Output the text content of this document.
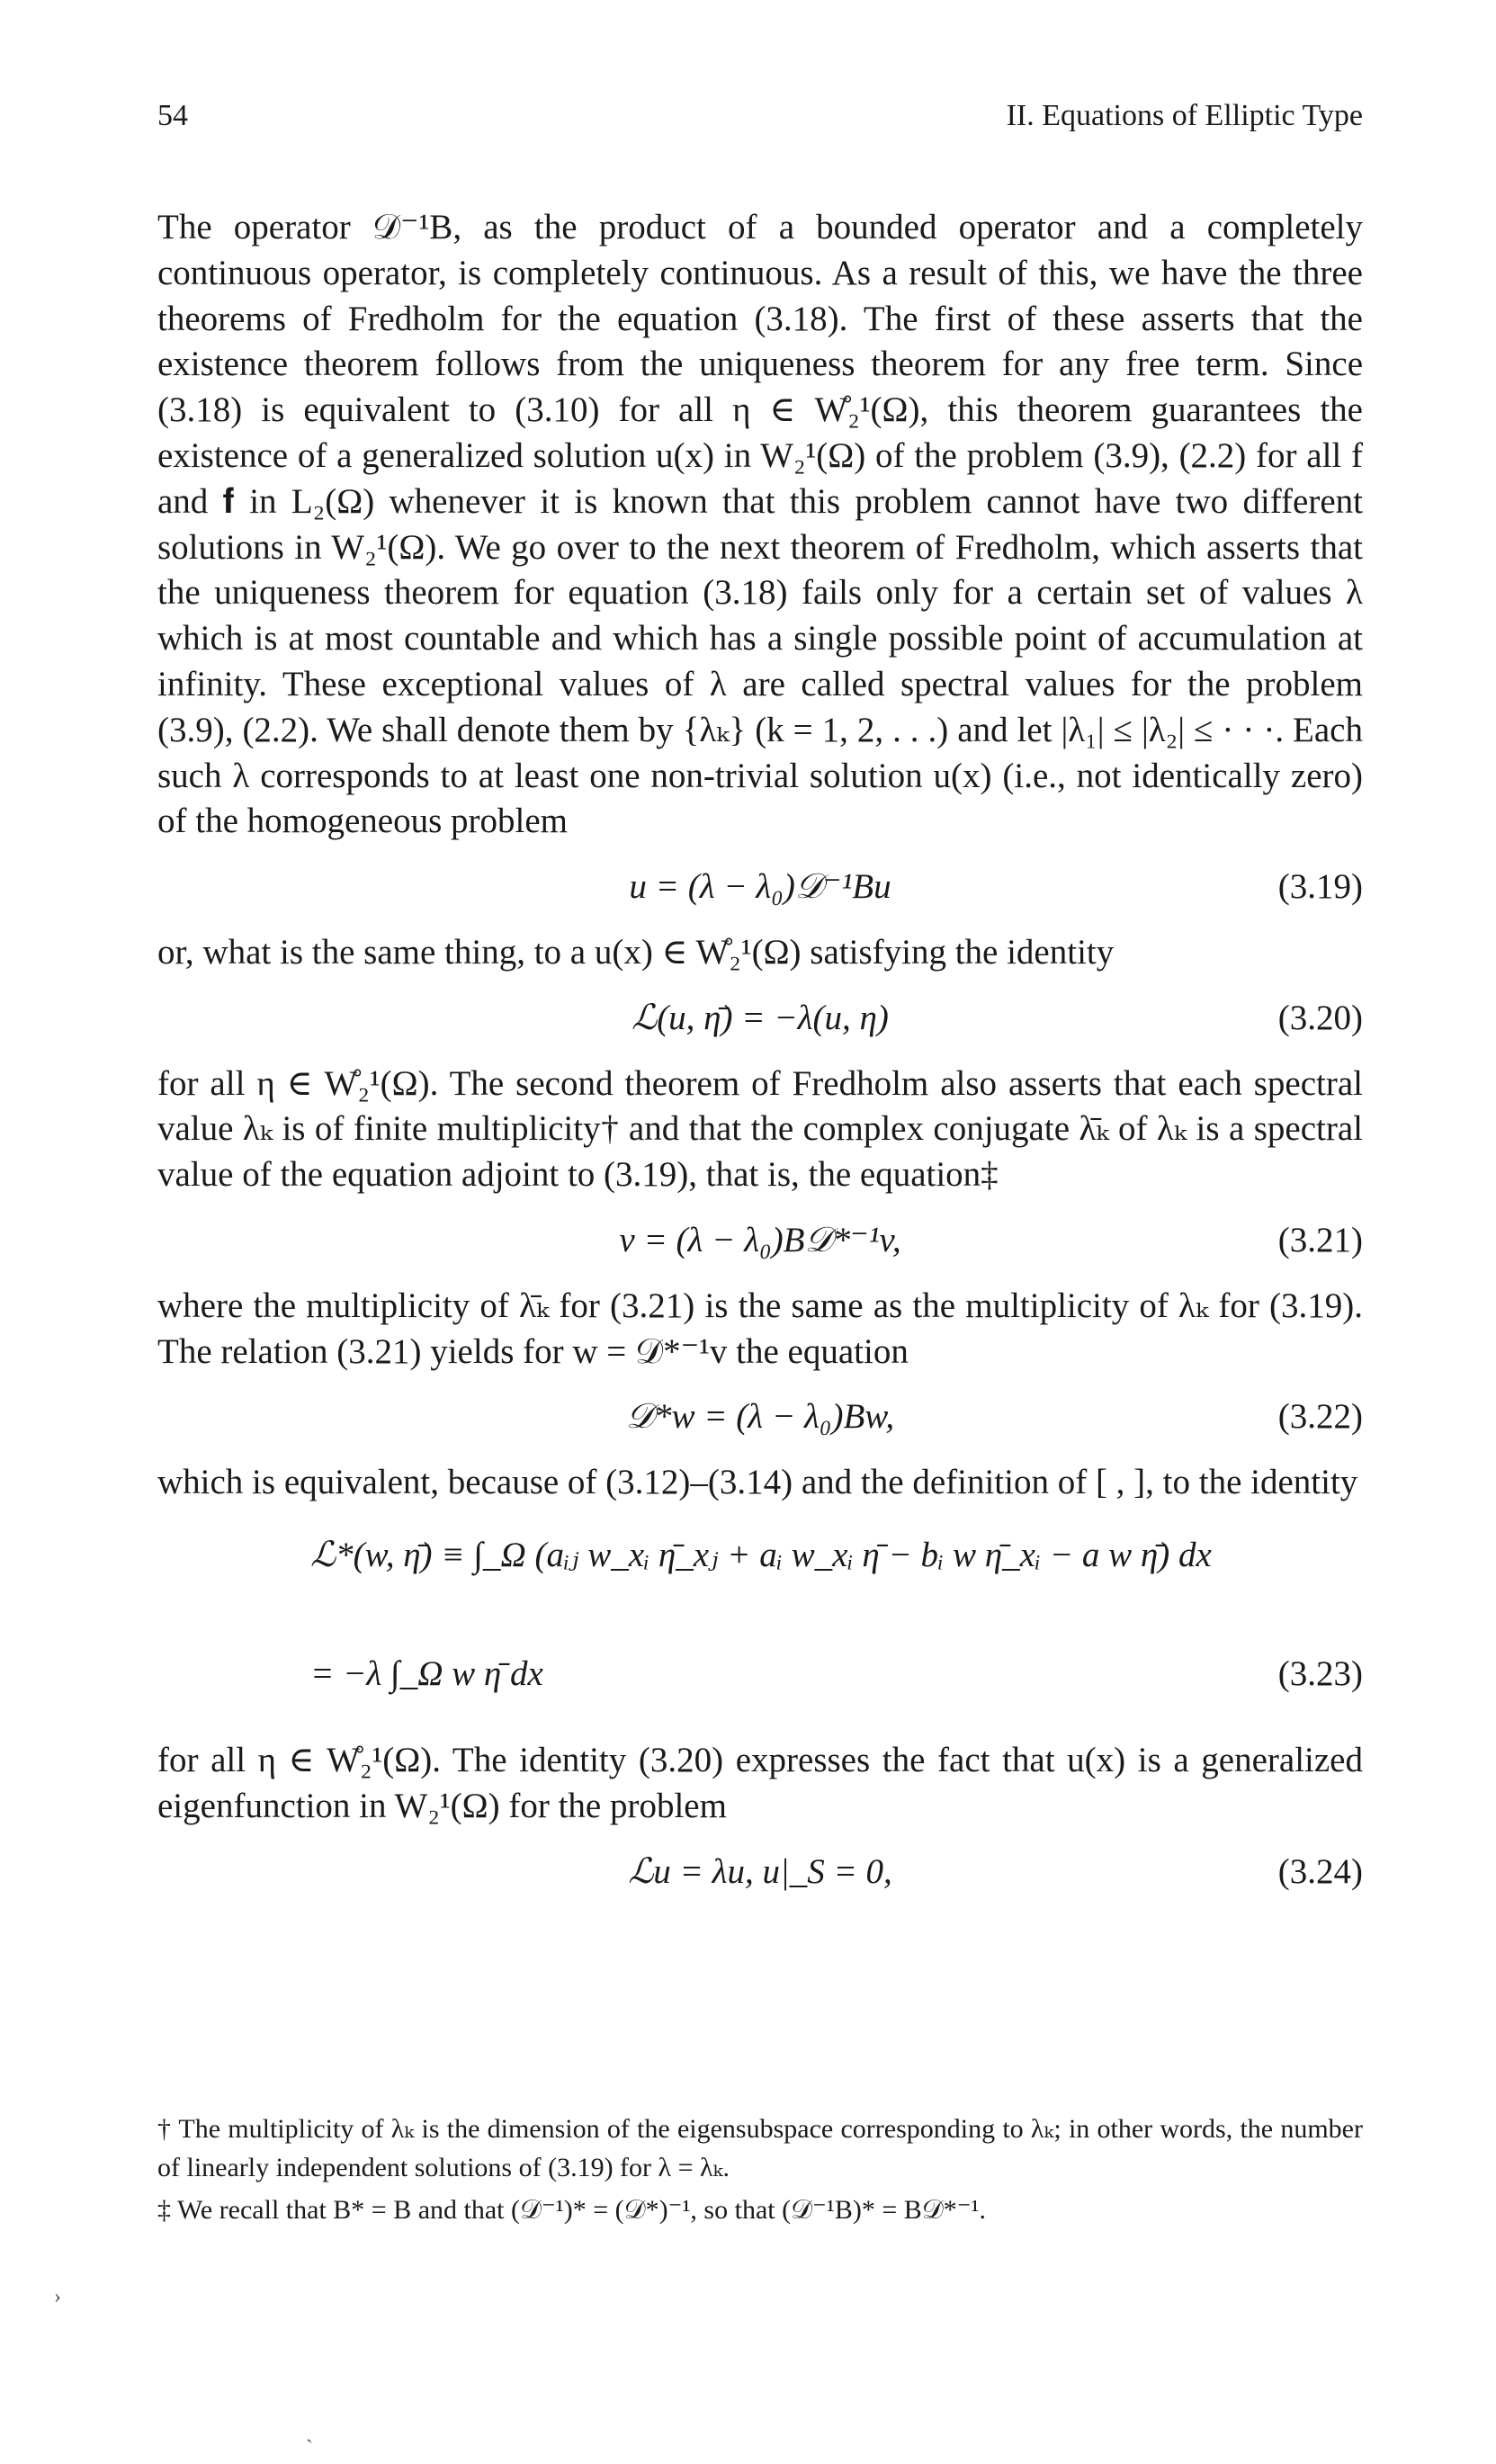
54	II. Equations of Elliptic Type

The operator 𝒟⁻¹B, as the product of a bounded operator and a completely continuous operator, is completely continuous. As a result of this, we have the three theorems of Fredholm for the equation (3.18). The first of these asserts that the existence theorem follows from the uniqueness theorem for any free term. Since (3.18) is equivalent to (3.10) for all η ∈ W̊₂¹(Ω), this theorem guarantees the existence of a generalized solution u(x) in W₂¹(Ω) of the problem (3.9), (2.2) for all f and 𝐟 in L₂(Ω) whenever it is known that this problem cannot have two different solutions in W₂¹(Ω). We go over to the next theorem of Fredholm, which asserts that the uniqueness theorem for equation (3.18) fails only for a certain set of values λ which is at most countable and which has a single possible point of accumulation at infinity. These exceptional values of λ are called spectral values for the problem (3.9), (2.2). We shall denote them by {λₖ} (k = 1, 2, . . .) and let |λ₁| ≤ |λ₂| ≤ · · ·. Each such λ corresponds to at least one non-trivial solution u(x) (i.e., not identically zero) of the homogeneous problem

u = (λ − λ₀)𝒟⁻¹Bu	(3.19)

or, what is the same thing, to a u(x) ∈ W̊₂¹(Ω) satisfying the identity

ℒ(u, η̄) = −λ(u, η)	(3.20)

for all η ∈ W̊₂¹(Ω). The second theorem of Fredholm also asserts that each spectral value λₖ is of finite multiplicity† and that the complex conjugate λ̄ₖ of λₖ is a spectral value of the equation adjoint to (3.19), that is, the equation‡

v = (λ − λ₀)B𝒟*⁻¹v,	(3.21)

where the multiplicity of λ̄ₖ for (3.21) is the same as the multiplicity of λₖ for (3.19). The relation (3.21) yields for w = 𝒟*⁻¹v the equation

𝒟*w = (λ − λ₀)Bw,	(3.22)

which is equivalent, because of (3.12)–(3.14) and the definition of [ , ], to the identity

ℒ*(w, η̄) ≡ ∫_Ω (aᵢⱼ w_xᵢ η̄_xⱼ + aᵢ w_xᵢ η̄ − bᵢ w η̄_xᵢ − a w η̄) dx
= −λ ∫_Ω w η̄ dx	(3.23)

for all η ∈ W̊₂¹(Ω). The identity (3.20) expresses the fact that u(x) is a generalized eigenfunction in W₂¹(Ω) for the problem

ℒu = λu, u|_S = 0,	(3.24)

† The multiplicity of λₖ is the dimension of the eigensubspace corresponding to λₖ; in other words, the number of linearly independent solutions of (3.19) for λ = λₖ.

‡ We recall that B* = B and that (𝒟⁻¹)* = (𝒟*)⁻¹, so that (𝒟⁻¹B)* = B𝒟*⁻¹.

›
ˎ
